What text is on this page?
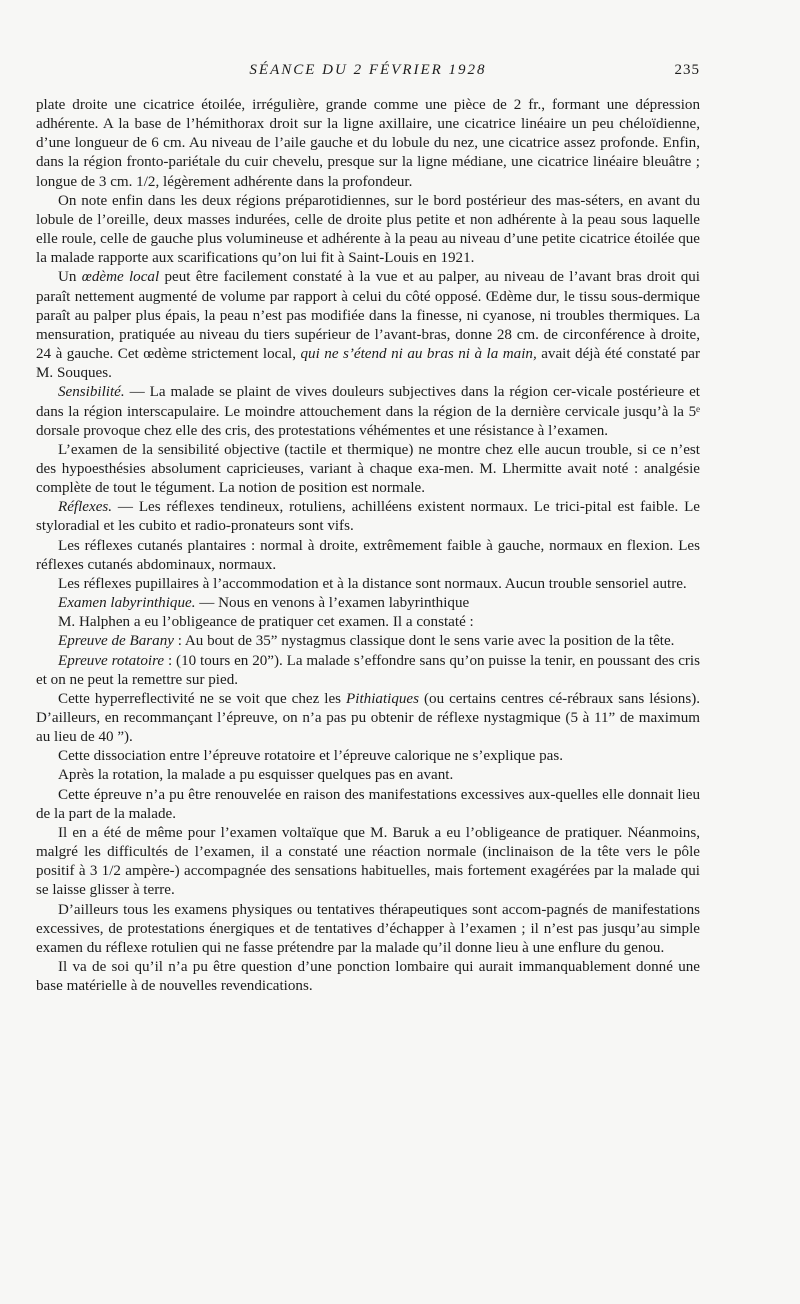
SÉANCE DU 2 FÉVRIER 1928	235

plate droite une cicatrice étoilée, irrégulière, grande comme une pièce de 2 fr., formant une dépression adhérente. A la base de l’hémithorax droit sur la ligne axillaire, une cicatrice linéaire un peu chéloïdienne, d’une longueur de 6 cm. Au niveau de l’aile gauche et du lobule du nez, une cicatrice assez profonde. Enfin, dans la région fronto-pariétale du cuir chevelu, presque sur la ligne médiane, une cicatrice linéaire bleuâtre ; longue de 3 cm. 1/2, légèrement adhérente dans la profondeur.

On note enfin dans les deux régions préparotidiennes, sur le bord postérieur des mas-séters, en avant du lobule de l’oreille, deux masses indurées, celle de droite plus petite et non adhérente à la peau sous laquelle elle roule, celle de gauche plus volumineuse et adhérente à la peau au niveau d’une petite cicatrice étoilée que la malade rapporte aux scarifications qu’on lui fit à Saint-Louis en 1921.

Un œdème local peut être facilement constaté à la vue et au palper, au niveau de l’avant bras droit qui paraît nettement augmenté de volume par rapport à celui du côté opposé. Œdème dur, le tissu sous-dermique paraît au palper plus épais, la peau n’est pas modifiée dans la finesse, ni cyanose, ni troubles thermiques. La mensuration, pratiquée au niveau du tiers supérieur de l’avant-bras, donne 28 cm. de circonférence à droite, 24 à gauche. Cet œdème strictement local, qui ne s’étend ni au bras ni à la main, avait déjà été constaté par M. Souques.

Sensibilité. — La malade se plaint de vives douleurs subjectives dans la région cer-vicale postérieure et dans la région interscapulaire. Le moindre attouchement dans la région de la dernière cervicale jusqu’à la 5ᵉ dorsale provoque chez elle des cris, des protestations véhémentes et une résistance à l’examen.

L’examen de la sensibilité objective (tactile et thermique) ne montre chez elle aucun trouble, si ce n’est des hypoesthésies absolument capricieuses, variant à chaque exa-men. M. Lhermitte avait noté : analgésie complète de tout le tégument. La notion de position est normale.

Réflexes. — Les réflexes tendineux, rotuliens, achilléens existent normaux. Le trici-pital est faible. Le styloradial et les cubito et radio-pronateurs sont vifs.

Les réflexes cutanés plantaires : normal à droite, extrêmement faible à gauche, normaux en flexion. Les réflexes cutanés abdominaux, normaux.

Les réflexes pupillaires à l’accommodation et à la distance sont normaux. Aucun trouble sensoriel autre.

Examen labyrinthique. — Nous en venons à l’examen labyrinthique

M. Halphen a eu l’obligeance de pratiquer cet examen. Il a constaté :

Epreuve de Barany : Au bout de 35” nystagmus classique dont le sens varie avec la position de la tête.

Epreuve rotatoire : (10 tours en 20”). La malade s’effondre sans qu’on puisse la tenir, en poussant des cris et on ne peut la remettre sur pied.

Cette hyperreflectivité ne se voit que chez les Pithiatiques (ou certains centres cé-rébraux sans lésions). D’ailleurs, en recommançant l’épreuve, on n’a pas pu obtenir de réflexe nystagmique (5 à 11” de maximum au lieu de 40 ”).

Cette dissociation entre l’épreuve rotatoire et l’épreuve calorique ne s’explique pas.

Après la rotation, la malade a pu esquisser quelques pas en avant.

Cette épreuve n’a pu être renouvelée en raison des manifestations excessives aux-quelles elle donnait lieu de la part de la malade.

Il en a été de même pour l’examen voltaïque que M. Baruk a eu l’obligeance de pratiquer. Néanmoins, malgré les difficultés de l’examen, il a constaté une réaction normale (inclinaison de la tête vers le pôle positif à 3 1/2 ampère-) accompagnée des sensations habituelles, mais fortement exagérées par la malade qui se laisse glisser à terre.

D’ailleurs tous les examens physiques ou tentatives thérapeutiques sont accom-pagnés de manifestations excessives, de protestations énergiques et de tentatives d’échapper à l’examen ; il n’est pas jusqu’au simple examen du réflexe rotulien qui ne fasse prétendre par la malade qu’il donne lieu à une enflure du genou.

Il va de soi qu’il n’a pu être question d’une ponction lombaire qui aurait immanquablement donné une base matérielle à de nouvelles revendications.
